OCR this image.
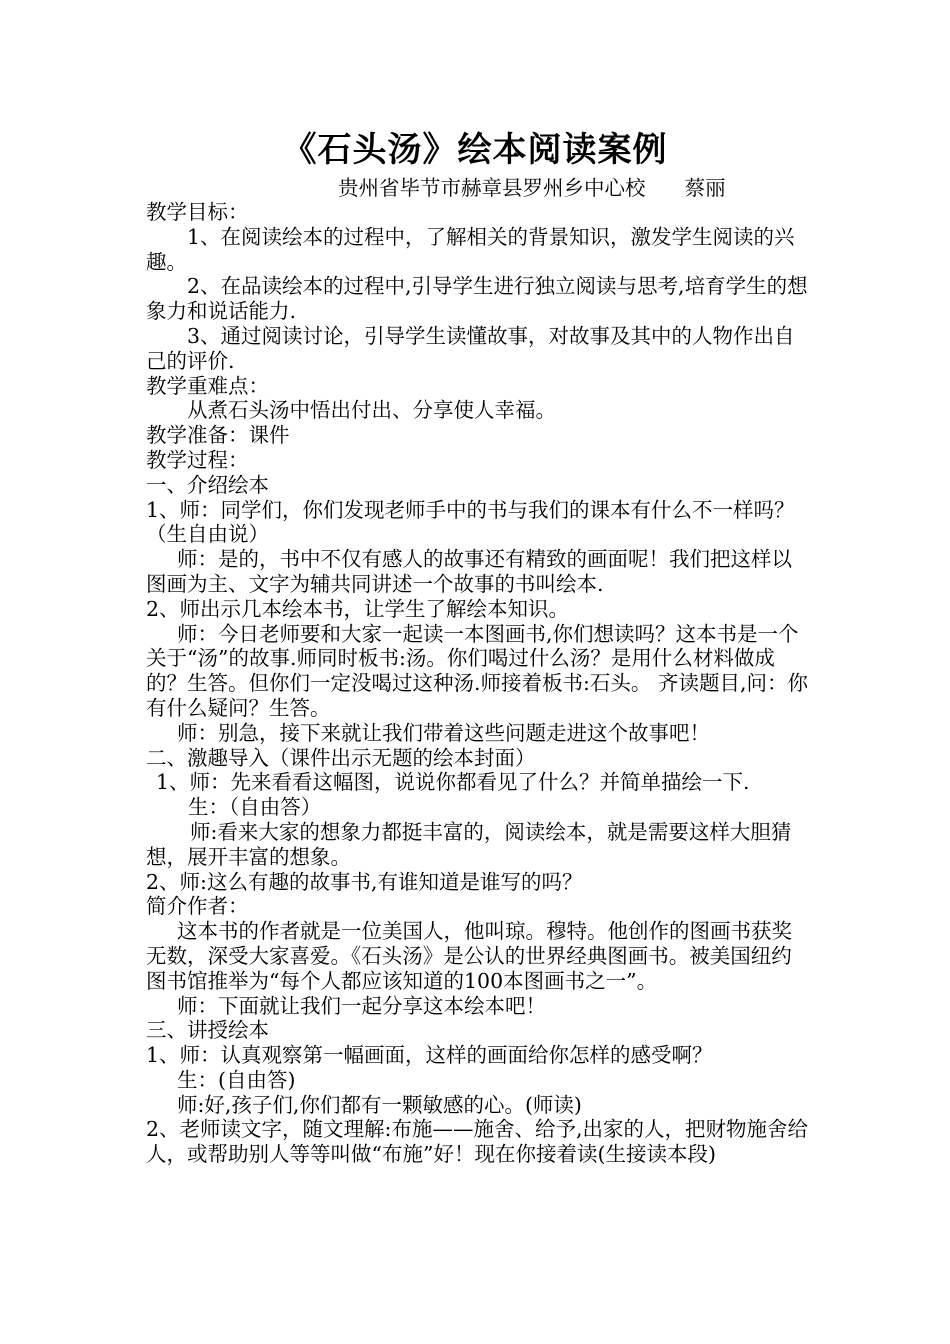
《石头汤》绘本阅读案例
贵州省毕节市赫章县罗州乡中心校      蔡丽

教学目标：

1、在阅读绘本的过程中，了解相关的背景知识，激发学生阅读的兴趣。

2、在品读绘本的过程中,引导学生进行独立阅读与思考,培育学生的想象力和说话能力.

3、通过阅读讨论，引导学生读懂故事，对故事及其中的人物作出自己的评价.

教学重难点：

从煮石头汤中悟出付出、分享使人幸福。

教学准备：课件

教学过程：

一、介绍绘本

1、师：同学们，你们发现老师手中的书与我们的课本有什么不一样吗？（生自由说）

师：是的，书中不仅有感人的故事还有精致的画面呢！我们把这样以图画为主、文字为辅共同讲述一个故事的书叫绘本.

2、师出示几本绘本书，让学生了解绘本知识。

师：今日老师要和大家一起读一本图画书,你们想读吗？这本书是一个关于“汤”的故事.师同时板书:汤。你们喝过什么汤？是用什么材料做成的？生答。但你们一定没喝过这种汤.师接着板书:石头。 齐读题目,问：你有什么疑问？生答。

师：别急，接下来就让我们带着这些问题走进这个故事吧！

二、激趣导入（课件出示无题的绘本封面）

1、师：先来看看这幅图，说说你都看见了什么？并简单描绘一下.

生：（自由答）

师:看来大家的想象力都挺丰富的，阅读绘本，就是需要这样大胆猜想，展开丰富的想象。

2、师:这么有趣的故事书,有谁知道是谁写的吗？

简介作者：

这本书的作者就是一位美国人，他叫琼。穆特。他创作的图画书获奖无数，深受大家喜爱。《石头汤》是公认的世界经典图画书。被美国纽约图书馆推举为“每个人都应该知道的100本图画书之一”。

师：下面就让我们一起分享这本绘本吧！

三、讲授绘本

1、师：认真观察第一幅画面，这样的画面给你怎样的感受啊？

生：(自由答)

师:好,孩子们,你们都有一颗敏感的心。(师读)

2、老师读文字，随文理解:布施——施舍、给予,出家的人，把财物施舍给人，或帮助别人等等叫做“布施”好！现在你接着读(生接读本段)
